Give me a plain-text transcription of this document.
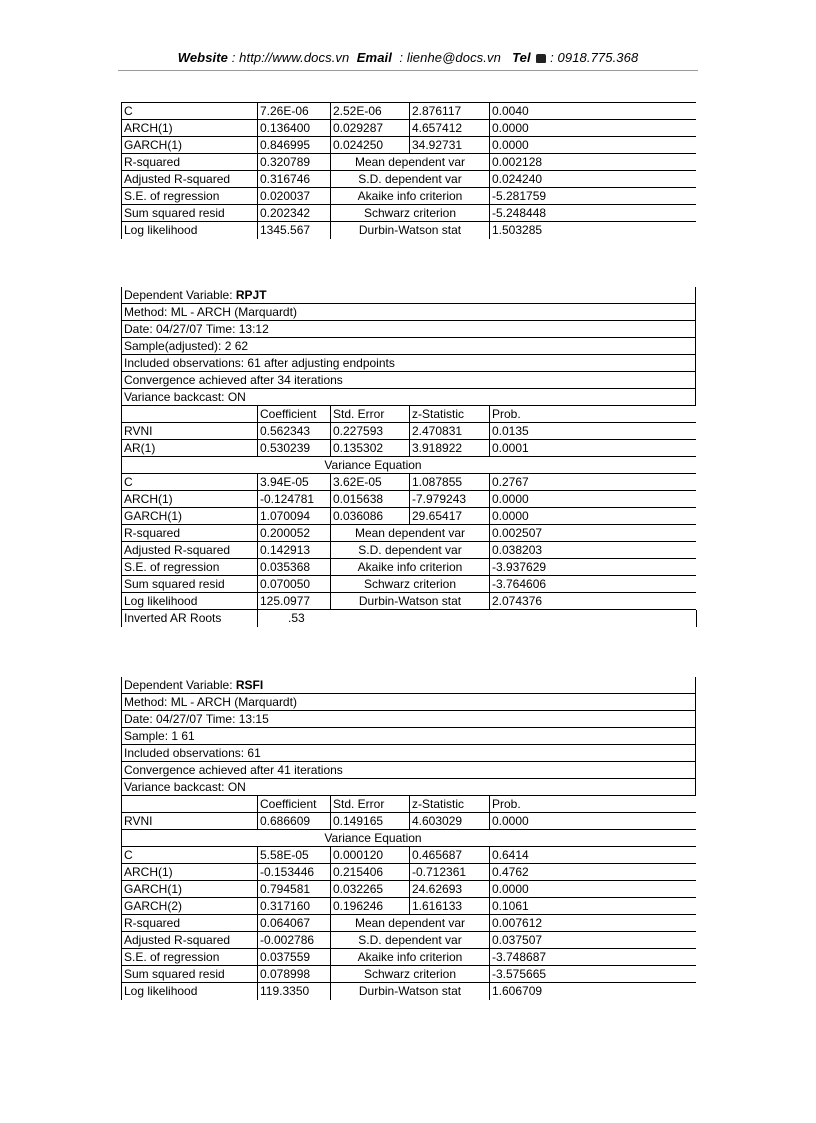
Website : http://www.docs.vn Email  : lienhe@docs.vn Tel  : 0918.775.368
C	7.26E-06	2.52E-06	2.876117	0.0040
ARCH(1)	0.136400	0.029287	4.657412	0.0000
GARCH(1)	0.846995	0.024250	34.92731	0.0000
R-squared	0.320789	Mean dependent var	0.002128
Adjusted R-squared	0.316746	S.D. dependent var	0.024240
S.E. of regression	0.020037	Akaike info criterion	-5.281759
Sum squared resid	0.202342	Schwarz criterion	-5.248448
Log likelihood	1345.567	Durbin-Watson stat	1.503285
Dependent Variable: RPJT
Method: ML - ARCH (Marquardt)
Date: 04/27/07 Time: 13:12
Sample(adjusted): 2 62
Included observations: 61 after adjusting endpoints
Convergence achieved after 34 iterations
Variance backcast: ON
Coefficient	Std. Error	z-Statistic	Prob.
RVNI	0.562343	0.227593	2.470831	0.0135
AR(1)	0.530239	0.135302	3.918922	0.0001
Variance Equation
C	3.94E-05	3.62E-05	1.087855	0.2767
ARCH(1)	-0.124781	0.015638	-7.979243	0.0000
GARCH(1)	1.070094	0.036086	29.65417	0.0000
R-squared	0.200052	Mean dependent var	0.002507
Adjusted R-squared	0.142913	S.D. dependent var	0.038203
S.E. of regression	0.035368	Akaike info criterion	-3.937629
Sum squared resid	0.070050	Schwarz criterion	-3.764606
Log likelihood	125.0977	Durbin-Watson stat	2.074376
Inverted AR Roots	.53
Dependent Variable: RSFI
Method: ML - ARCH (Marquardt)
Date: 04/27/07 Time: 13:15
Sample: 1 61
Included observations: 61
Convergence achieved after 41 iterations
Variance backcast: ON
Coefficient	Std. Error	z-Statistic	Prob.
RVNI	0.686609	0.149165	4.603029	0.0000
Variance Equation
C	5.58E-05	0.000120	0.465687	0.6414
ARCH(1)	-0.153446	0.215406	-0.712361	0.4762
GARCH(1)	0.794581	0.032265	24.62693	0.0000
GARCH(2)	0.317160	0.196246	1.616133	0.1061
R-squared	0.064067	Mean dependent var	0.007612
Adjusted R-squared	-0.002786	S.D. dependent var	0.037507
S.E. of regression	0.037559	Akaike info criterion	-3.748687
Sum squared resid	0.078998	Schwarz criterion	-3.575665
Log likelihood	119.3350	Durbin-Watson stat	1.606709
